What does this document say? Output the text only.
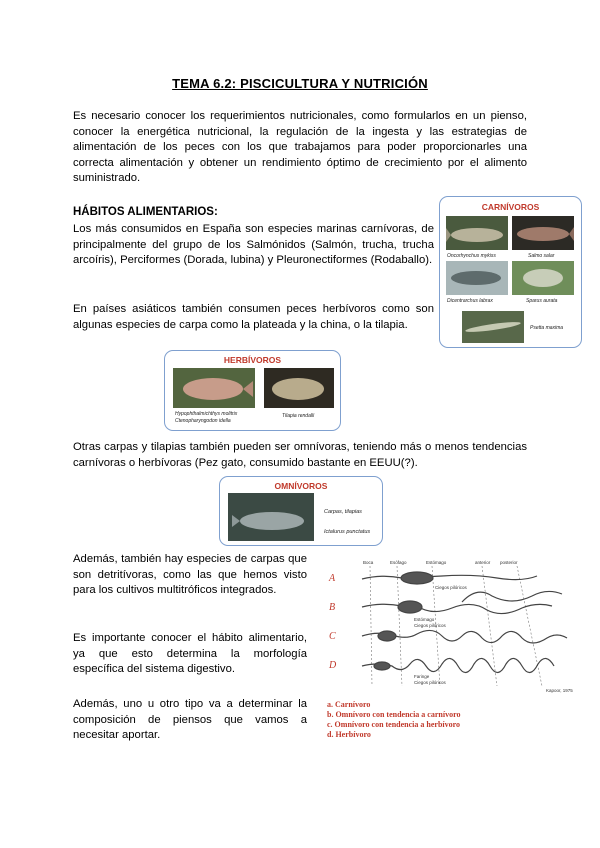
TEMA 6.2: PISCICULTURA Y NUTRICIÓN
Es necesario conocer los requerimientos nutricionales, como formularlos en un pienso, conocer la energética nutricional, la regulación de la ingesta y las estrategias de alimentación de los peces con los que trabajamos para poder proporcionarles una correcta alimentación y obtener un rendimiento óptimo de crecimiento por el alimento suministrado.
HÁBITOS ALIMENTARIOS:
Los más consumidos en España son especies marinas carnívoras, de principalmente del grupo de los Salmónidos (Salmón, trucha, trucha arcoíris), Perciformes (Dorada, lubina) y Pleuronectiformes (Rodaballo).
En países asiáticos también consumen peces herbívoros como son algunas especies de carpa como la plateada y la china, o la tilapia.
CARNÍVOROS
Oncorhynchus mykiss	Salmo salar
Dicentrarchus labrax	Sparus aurata
Psetta maxima
HERBÍVOROS
Hypophthalmichthys molitrix
Ctenopharyngodon idella
Tilapia rendalli
Otras carpas y tilapias también pueden ser omnívoras, teniendo más o menos tendencias carnívoras o herbívoras (Pez gato, consumido bastante en EEUU(?).
OMNÍVOROS
Carpas, tilapias
Ictalurus punctatus
Además, también hay especies de carpas que son detritívoras, como las que hemos visto para los cultivos multitróficos integrados.
Es importante conocer el hábito alimentario, ya que esto determina la morfología específica del sistema digestivo.
Además, uno u otro tipo va a determinar la composición de piensos que vamos a necesitar aportar.
Boca	Esófago	Estómago	anterior posterior
A
B
C
D
Ciegos pilóricos
Estómago
Ciegos pilóricos
Faringe
Ciegos pilóricos
Kapoor, 1975
a. Carnívoro
b. Omnívoro con tendencia a carnívoro
c. Omnívoro con tendencia a herbívoro
d. Herbívoro
